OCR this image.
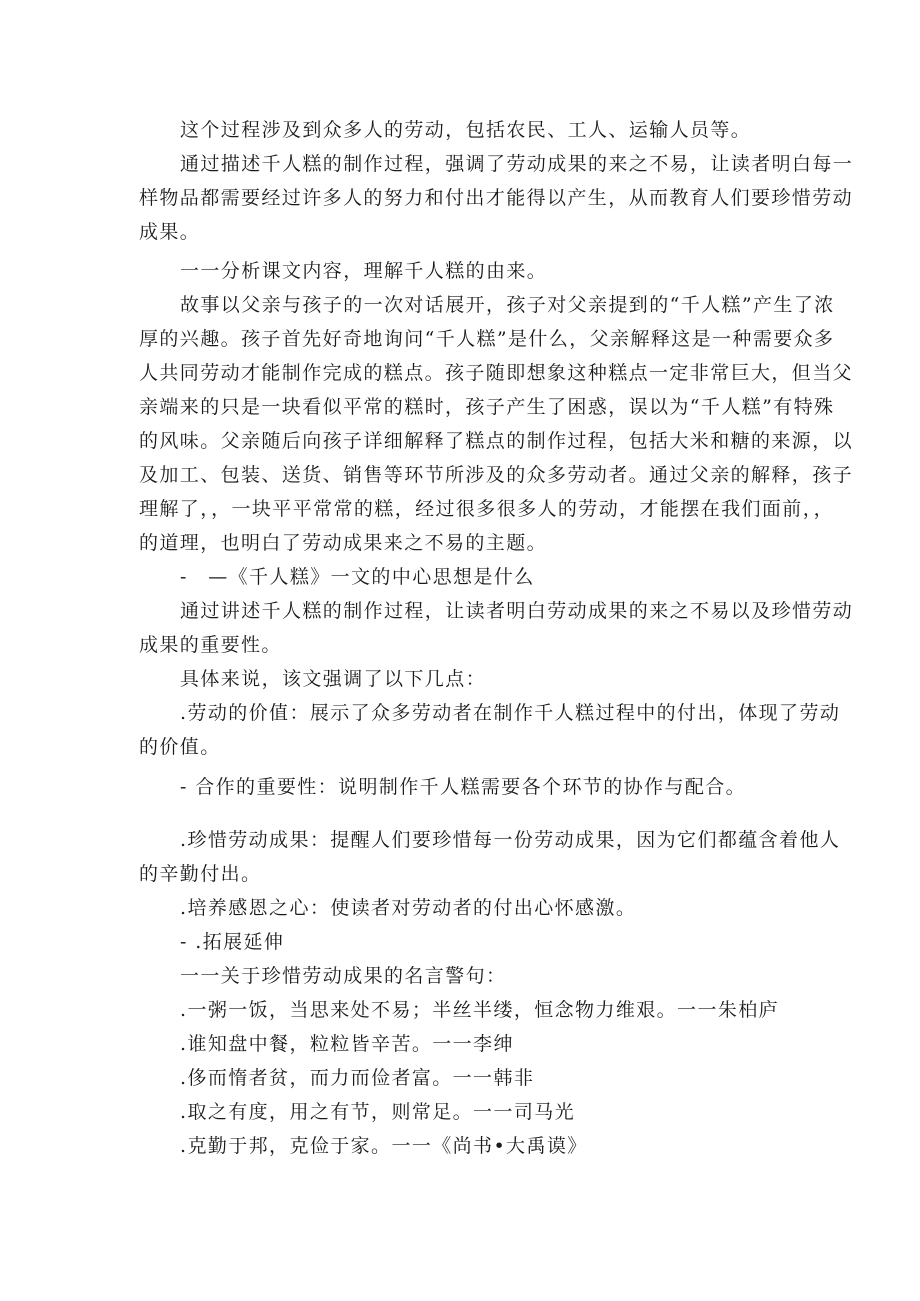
这个过程涉及到众多人的劳动，包括农民、工人、运输人员等。
通过描述千人糕的制作过程，强调了劳动成果的来之不易，让读者明白每一
样物品都需要经过许多人的努力和付出才能得以产生，从而教育人们要珍惜劳动
成果。
一一分析课文内容，理解千人糕的由来。
故事以父亲与孩子的一次对话展开，孩子对父亲提到的“千人糕”产生了浓
厚的兴趣。孩子首先好奇地询问“千人糕”是什么，父亲解释这是一种需要众多
人共同劳动才能制作完成的糕点。孩子随即想象这种糕点一定非常巨大，但当父
亲端来的只是一块看似平常的糕时，孩子产生了困惑，误以为“千人糕”有特殊
的风味。父亲随后向孩子详细解释了糕点的制作过程，包括大米和糖的来源，以
及加工、包装、送货、销售等环节所涉及的众多劳动者。通过父亲的解释，孩子
理解了，，一块平平常常的糕，经过很多很多人的劳动，才能摆在我们面前，，
的道理，也明白了劳动成果来之不易的主题。
-　—《千人糕》一文的中心思想是什么
通过讲述千人糕的制作过程，让读者明白劳动成果的来之不易以及珍惜劳动
成果的重要性。
具体来说，该文强调了以下几点：
.劳动的价值：展示了众多劳动者在制作千人糕过程中的付出，体现了劳动
的价值。
- 合作的重要性：说明制作千人糕需要各个环节的协作与配合。
.珍惜劳动成果：提醒人们要珍惜每一份劳动成果，因为它们都蕴含着他人
的辛勤付出。
.培养感恩之心：使读者对劳动者的付出心怀感激。
- .拓展延伸
一一关于珍惜劳动成果的名言警句：
.一粥一饭，当思来处不易；半丝半缕，恒念物力维艰。一一朱柏庐
.谁知盘中餐，粒粒皆辛苦。一一李绅
.侈而惰者贫，而力而俭者富。一一韩非
.取之有度，用之有节，则常足。一一司马光
.克勤于邦，克俭于家。一一《尚书•大禹谟》
